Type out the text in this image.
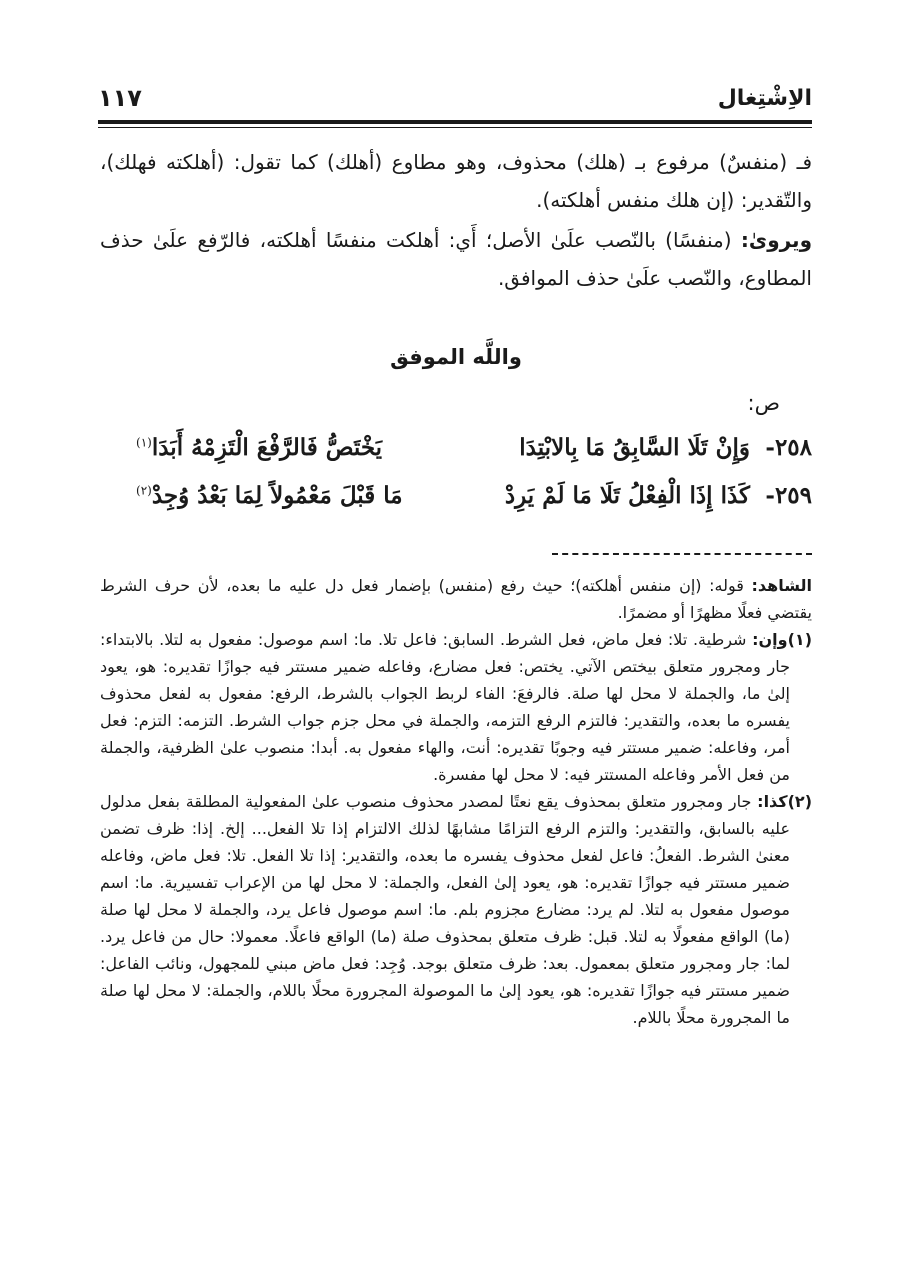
الاِشْتِغال
١١٧
فـ (منفسٌ) مرفوع بـ (هلك) محذوف، وهو مطاوع (أهلك) كما تقول: (أهلكته فهلك)، والتّقدير: (إن هلك منفس أهلكته).
ويروىٰ: (منفسًا) بالنّصب علَىٰ الأصل؛ أَي: أهلكت منفسًا أهلكته، فالرّفع علَىٰ حذف المطاوع، والنّصب علَىٰ حذف الموافق.
واللَّه الموفق
ص:
٢٥٨-
وَإِنْ تَلَا السَّابِقُ مَا بِالابْتِدَا
يَخْتَصُّ فَالرَّفْعَ الْتَزِمْهُ أَبَدَا$^{(١)}$
٢٥٩-
كَذَا إِذَا الْفِعْلُ تَلَا مَا لَمْ يَرِدْ
مَا قَبْلَ مَعْمُولاً لِمَا بَعْدُ وُجِدْ$^{(٢)}$

الشاهد: قوله: (إن منفس أهلكته)؛ حيث رفع (منفس) بإضمار فعل دل عليه ما بعده، لأن حرف الشرط يقتضي فعلًا مظهرًا أو مضمرًا.

(١)وإن: شرطية. تلا: فعل ماض، فعل الشرط. السابق: فاعل تلا. ما: اسم موصول: مفعول به لتلا. بالابتداء: جار ومجرور متعلق بيختص الآتي. يختص: فعل مضارع، وفاعله ضمير مستتر فيه جوازًا تقديره: هو، يعود إلىٰ ما، والجملة لا محل لها صلة. فالرفعَ: الفاء لربط الجواب بالشرط، الرفع: مفعول به لفعل محذوف يفسره ما بعده، والتقدير: فالتزم الرفع التزمه، والجملة في محل جزم جواب الشرط. التزمه: التزم: فعل أمر، وفاعله: ضمير مستتر فيه وجوبًا تقديره: أنت، والهاء مفعول به. أبدا: منصوب علىٰ الظرفية، والجملة من فعل الأمر وفاعله المستتر فيه: لا محل لها مفسرة.

(٢)كذا: جار ومجرور متعلق بمحذوف يقع نعتًا لمصدر محذوف منصوب علىٰ المفعولية المطلقة بفعل مدلول عليه بالسابق، والتقدير: والتزم الرفع التزامًا مشابهًا لذلك الالتزام إذا تلا الفعل... إلخ. إذا: ظرف تضمن معنىٰ الشرط. الفعلُ: فاعل لفعل محذوف يفسره ما بعده، والتقدير: إذا تلا الفعل. تلا: فعل ماض، وفاعله ضمير مستتر فيه جوازًا تقديره: هو، يعود إلىٰ الفعل، والجملة: لا محل لها من الإعراب تفسيرية. ما: اسم موصول مفعول به لتلا. لم يرد: مضارع مجزوم بلم. ما: اسم موصول فاعل يرد، والجملة لا محل لها صلة (ما) الواقع مفعولًا به لتلا. قبل: ظرف متعلق بمحذوف صلة (ما) الواقع فاعلًا. معمولا: حال من فاعل يرد. لما: جار ومجرور متعلق بمعمول. بعد: ظرف متعلق بوجد. وُجِد: فعل ماض مبني للمجهول، ونائب الفاعل: ضمير مستتر فيه جوازًا تقديره: هو، يعود إلىٰ ما الموصولة المجرورة محلًا باللام، والجملة: لا محل لها صلة ما المجرورة محلًا باللام.
